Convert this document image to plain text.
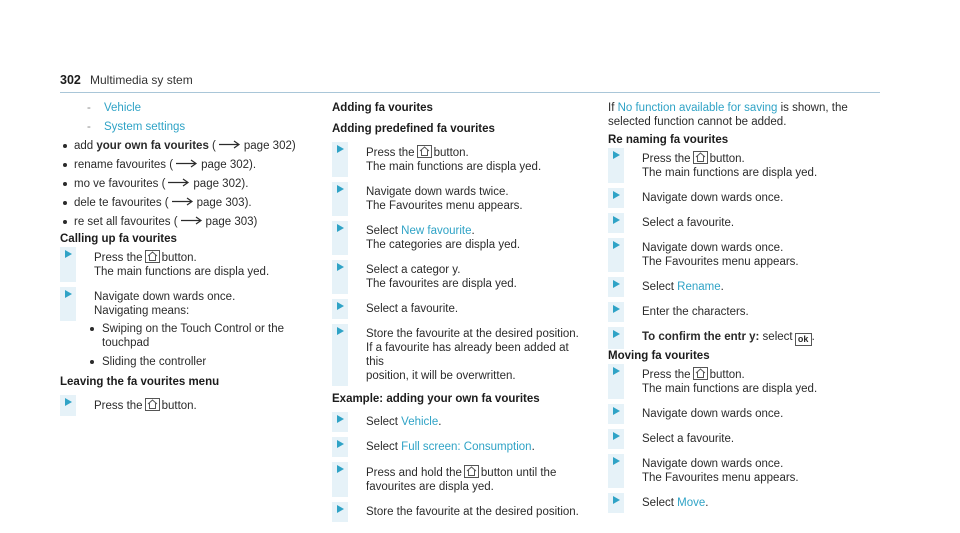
302 Multimedia sy stem
-	Vehicle
-	System settings
add your own fa vourites ( page 302)
rename favourites ( page 302).
mo ve favourites ( page 302).
dele te favourites ( page 303).
re set all favourites ( page 303)
Calling up fa vourites
Press the button.
The main functions are displa yed.
Navigate down wards once.
Navigating means:
Swiping on the Touch Control or the
touchpad
Sliding the controller
Leaving the fa vourites menu
Press the button.
Adding fa vourites
Adding predefined fa vourites
Press the button.
The main functions are displa yed.
Navigate down wards twice.
The Favourites menu appears.
Select New favourite.
The categories are displa yed.
Select a categor y.
The favourites are displa yed.
Select a favourite.
Store the favourite at the desired position.
If a favourite has already been added at this
position, it will be overwritten.
Example: adding your own fa vourites
Select Vehicle.
Select Full screen: Consumption.
Press and hold the button until the
favourites are displa yed.
Store the favourite at the desired position.
If No function available for saving is shown, the
selected function cannot be added.
Re naming fa vourites
Press the button.
The main functions are displa yed.
Navigate down wards once.
Select a favourite.
Navigate down wards once.
The Favourites menu appears.
Select Rename.
Enter the characters.
To confirm the entr y: select ok .
Moving fa vourites
Press the button.
The main functions are displa yed.
Navigate down wards once.
Select a favourite.
Navigate down wards once.
The Favourites menu appears.
Select Move.
